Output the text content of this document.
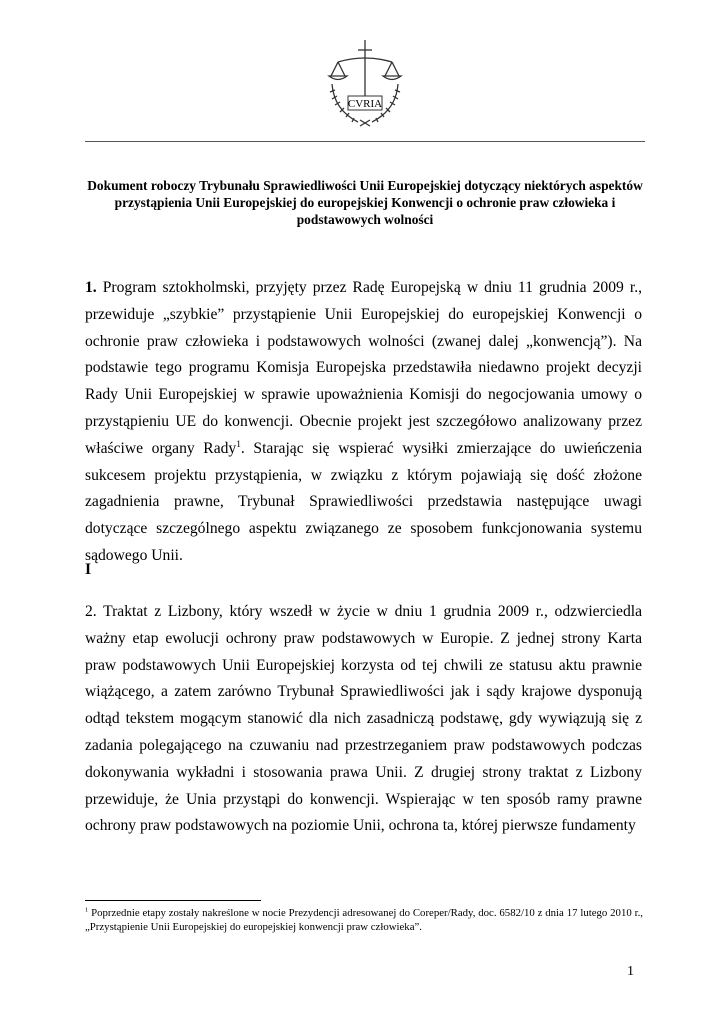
CVRIA
Dokument roboczy Trybunału Sprawiedliwości Unii Europejskiej dotyczący niektórych aspektów przystąpienia Unii Europejskiej do europejskiej Konwencji o ochronie praw człowieka i podstawowych wolności
1. Program sztokholmski, przyjęty przez Radę Europejską w dniu 11 grudnia 2009 r., przewiduje „szybkie” przystąpienie Unii Europejskiej do europejskiej Konwencji o ochronie praw człowieka i podstawowych wolności (zwanej dalej „konwencją”). Na podstawie tego programu Komisja Europejska przedstawiła niedawno projekt decyzji Rady Unii Europejskiej w sprawie upoważnienia Komisji do negocjowania umowy o przystąpieniu UE do konwencji. Obecnie projekt jest szczegółowo analizowany przez właściwe organy Rady$^1$. Starając się wspierać wysiłki zmierzające do uwieńczenia sukcesem projektu przystąpienia, w związku z którym pojawiają się dość złożone zagadnienia prawne, Trybunał Sprawiedliwości przedstawia następujące uwagi dotyczące szczególnego aspektu związanego ze sposobem funkcjonowania systemu sądowego Unii.
I
2. Traktat z Lizbony, który wszedł w życie w dniu 1 grudnia 2009 r., odzwierciedla ważny etap ewolucji ochrony praw podstawowych w Europie. Z jednej strony Karta praw podstawowych Unii Europejskiej korzysta od tej chwili ze statusu aktu prawnie wiążącego, a zatem zarówno Trybunał Sprawiedliwości jak i sądy krajowe dysponują odtąd tekstem mogącym stanowić dla nich zasadniczą podstawę, gdy wywiązują się z zadania polegającego na czuwaniu nad przestrzeganiem praw podstawowych podczas dokonywania wykładni i stosowania prawa Unii. Z drugiej strony traktat z Lizbony przewiduje, że Unia przystąpi do konwencji. Wspierając w ten sposób ramy prawne ochrony praw podstawowych na poziomie Unii, ochrona ta, której pierwsze fundamenty
$^1$ Poprzednie etapy zostały nakreślone w nocie Prezydencji adresowanej do Coreper/Rady, doc. 6582/10 z dnia 17 lutego 2010 r., „Przystąpienie Unii Europejskiej do europejskiej konwencji praw człowieka”.
1
